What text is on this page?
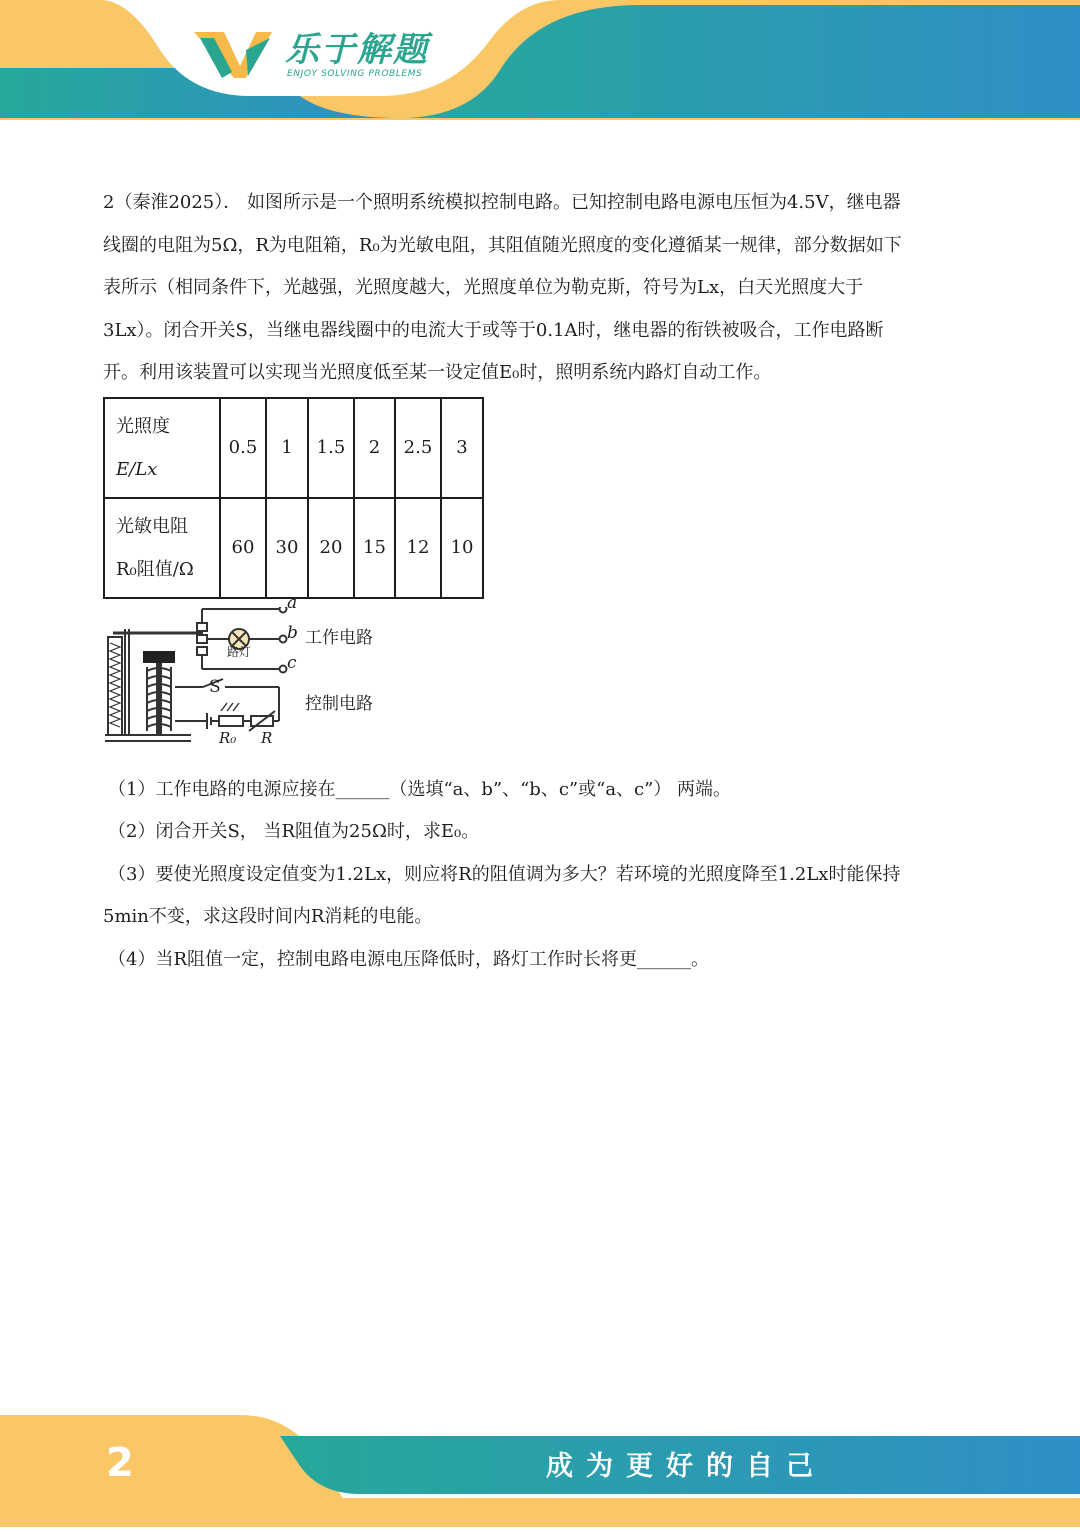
乐于解题
ENJOY SOLVING PROBLEMS

2（秦淮2025）． 如图所示是一个照明系统模拟控制电路。已知控制电路电源电压恒为4.5V，继电器

线圈的电阻为5Ω，R为电阻箱，R₀为光敏电阻，其阻值随光照度的变化遵循某一规律，部分数据如下

表所示（相同条件下，光越强，光照度越大，光照度单位为勒克斯，符号为Lx，白天光照度大于

3Lx）。闭合开关S，当继电器线圈中的电流大于或等于0.1A时，继电器的衔铁被吸合，工作电路断

开。利用该装置可以实现当光照度低至某一设定值E₀时，照明系统内路灯自动工作。

光照度
E/Lx	0.5	1	1.5	2	2.5	3

光敏电阻
R₀阻值/Ω	60	30	20	15	12	10
a
b
c
路灯
工作电路
控制电路
S
R₀ R

（1）工作电路的电源应接在______（选填“a、b”、“b、c”或“a、c”） 两端。

（2）闭合开关S， 当R阻值为25Ω时，求E₀。

（3）要使光照度设定值变为1.2Lx，则应将R的阻值调为多大？若环境的光照度降至1.2Lx时能保持

5min不变，求这段时间内R消耗的电能。

（4）当R阻值一定，控制电路电源电压降低时，路灯工作时长将更______。

2	成为更好的自己
